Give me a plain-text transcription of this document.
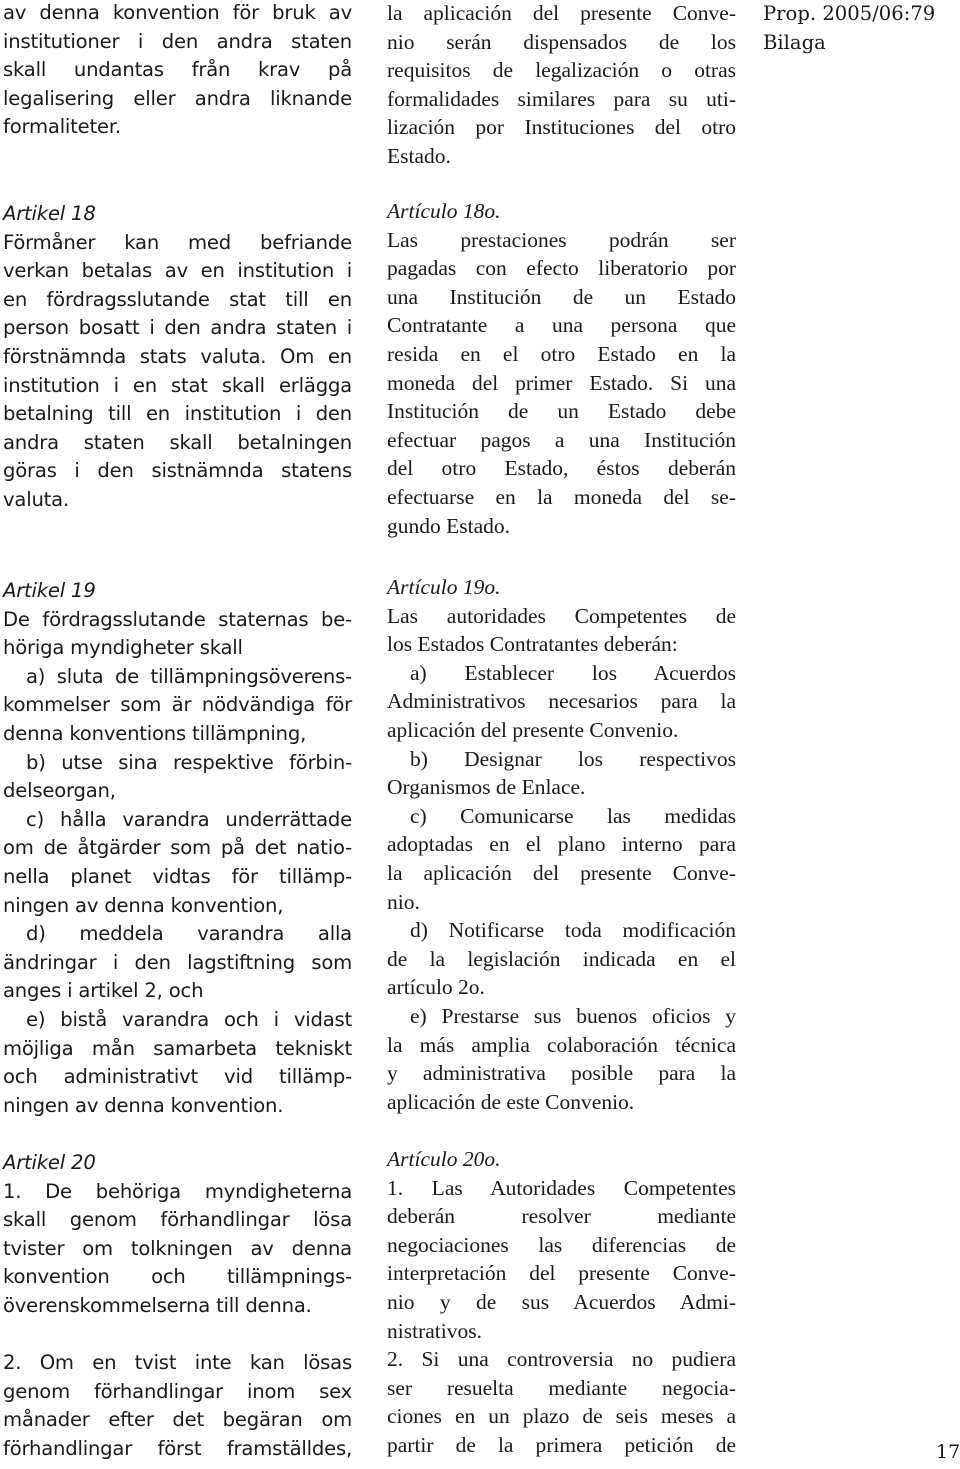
Prop. 2005/06:79
Bilaga
av denna konvention för bruk av
institutioner i den andra staten
skall undantas från krav på
legalisering eller andra liknande
formaliteter.
Artikel 18
Förmåner kan med befriande
verkan betalas av en institution i
en fördragsslutande stat till en
person bosatt i den andra staten i
förstnämnda stats valuta. Om en
institution i en stat skall erlägga
betalning till en institution i den
andra staten skall betalningen
göras i den sistnämnda statens
valuta.
Artikel 19
De fördragsslutande staternas be-
höriga myndigheter skall
a) sluta de tillämpningsöverens-
kommelser som är nödvändiga för
denna konventions tillämpning,
b) utse sina respektive förbin-
delseorgan,
c) hålla varandra underrättade
om de åtgärder som på det natio-
nella planet vidtas för tillämp-
ningen av denna konvention,
d) meddela varandra alla
ändringar i den lagstiftning som
anges i artikel 2, och
e) bistå varandra och i vidast
möjliga mån samarbeta tekniskt
och administrativt vid tillämp-
ningen av denna konvention.
Artikel 20
1. De behöriga myndigheterna
skall genom förhandlingar lösa
tvister om tolkningen av denna
konvention och tillämpnings-
överenskommelserna till denna.
2. Om en tvist inte kan lösas
genom förhandlingar inom sex
månader efter det begäran om
förhandlingar först framställdes,
la aplicación del presente Conve-
nio serán dispensados de los
requisitos de legalización o otras
formalidades similares para su uti-
lización por Instituciones del otro
Estado.
Artículo 18o.
Las prestaciones podrán ser
pagadas con efecto liberatorio por
una Institución de un Estado
Contratante a una persona que
resida en el otro Estado en la
moneda del primer Estado. Si una
Institución de un Estado debe
efectuar pagos a una Institución
del otro Estado, éstos deberán
efectuarse en la moneda del se-
gundo Estado.
Artículo 19o.
Las autoridades Competentes de
los Estados Contratantes deberán:
a) Establecer los Acuerdos
Administrativos necesarios para la
aplicación del presente Convenio.
b) Designar los respectivos
Organismos de Enlace.
c) Comunicarse las medidas
adoptadas en el plano interno para
la aplicación del presente Conve-
nio.
d) Notificarse toda modificación
de la legislación indicada en el
artículo 2o.
e) Prestarse sus buenos oficios y
la más amplia colaboración técnica
y administrativa posible para la
aplicación de este Convenio.
Artículo 20o.
1. Las Autoridades Competentes
deberán resolver mediante
negociaciones las diferencias de
interpretación del presente Conve-
nio y de sus Acuerdos Admi-
nistrativos.
2. Si una controversia no pudiera
ser resuelta mediante negocia-
ciones en un plazo de seis meses a
partir de la primera petición de	17
